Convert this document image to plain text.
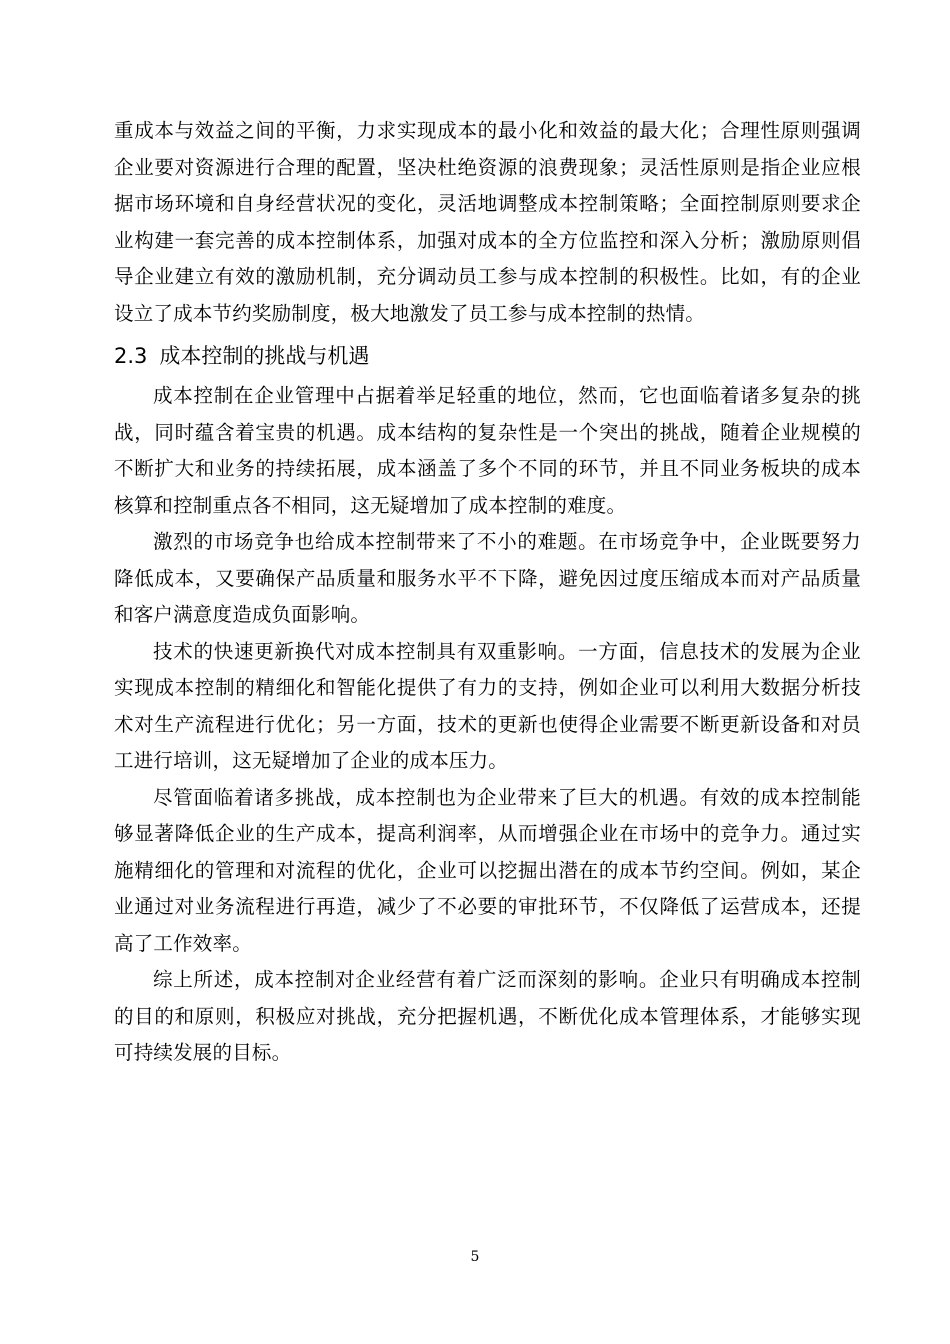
重成本与效益之间的平衡，力求实现成本的最小化和效益的最大化；合理性原则强调企业要对资源进行合理的配置，坚决杜绝资源的浪费现象；灵活性原则是指企业应根据市场环境和自身经营状况的变化，灵活地调整成本控制策略；全面控制原则要求企业构建一套完善的成本控制体系，加强对成本的全方位监控和深入分析；激励原则倡导企业建立有效的激励机制，充分调动员工参与成本控制的积极性。比如，有的企业设立了成本节约奖励制度，极大地激发了员工参与成本控制的热情。

2.3 成本控制的挑战与机遇

成本控制在企业管理中占据着举足轻重的地位，然而，它也面临着诸多复杂的挑战，同时蕴含着宝贵的机遇。成本结构的复杂性是一个突出的挑战，随着企业规模的不断扩大和业务的持续拓展，成本涵盖了多个不同的环节，并且不同业务板块的成本核算和控制重点各不相同，这无疑增加了成本控制的难度。

激烈的市场竞争也给成本控制带来了不小的难题。在市场竞争中，企业既要努力降低成本，又要确保产品质量和服务水平不下降，避免因过度压缩成本而对产品质量和客户满意度造成负面影响。

技术的快速更新换代对成本控制具有双重影响。一方面，信息技术的发展为企业实现成本控制的精细化和智能化提供了有力的支持，例如企业可以利用大数据分析技术对生产流程进行优化；另一方面，技术的更新也使得企业需要不断更新设备和对员工进行培训，这无疑增加了企业的成本压力。

尽管面临着诸多挑战，成本控制也为企业带来了巨大的机遇。有效的成本控制能够显著降低企业的生产成本，提高利润率，从而增强企业在市场中的竞争力。通过实施精细化的管理和对流程的优化，企业可以挖掘出潜在的成本节约空间。例如，某企业通过对业务流程进行再造，减少了不必要的审批环节，不仅降低了运营成本，还提高了工作效率。

综上所述，成本控制对企业经营有着广泛而深刻的影响。企业只有明确成本控制的目的和原则，积极应对挑战，充分把握机遇，不断优化成本管理体系，才能够实现可持续发展的目标。

5
